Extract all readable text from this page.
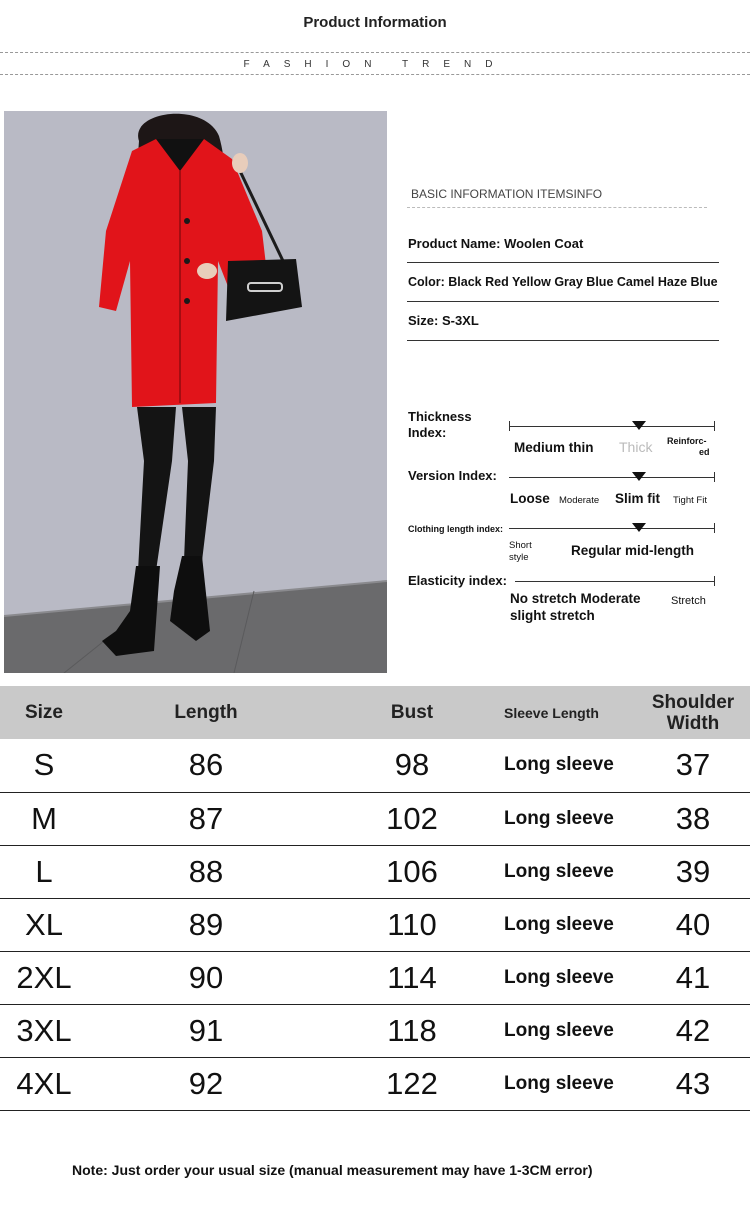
Product Information
FASHION TREND
BASIC INFORMATION ITEMSINFO
Product Name: Woolen Coat
Color: Black Red Yellow Gray Blue Camel Haze Blue
Size: S-3XL
Thickness
Index:
Medium thin Thick Reinforc-
ed
Version Index:
Loose Moderate Slim fit Tight Fit
Clothing length index:
Short
style	Regular mid-length
Elasticity index:
No stretch Moderate
slight stretch
Stretch
Size	Length	Bust	Sleeve Length	Shoulder
Width

S	86	98	Long sleeve	37
M	87	102	Long sleeve	38
L	88	106	Long sleeve	39
XL	89	110	Long sleeve	40
2XL	90	114	Long sleeve	41
3XL	91	118	Long sleeve	42
4XL	92	122	Long sleeve	43
Note: Just order your usual size (manual measurement may have 1-3CM error)
